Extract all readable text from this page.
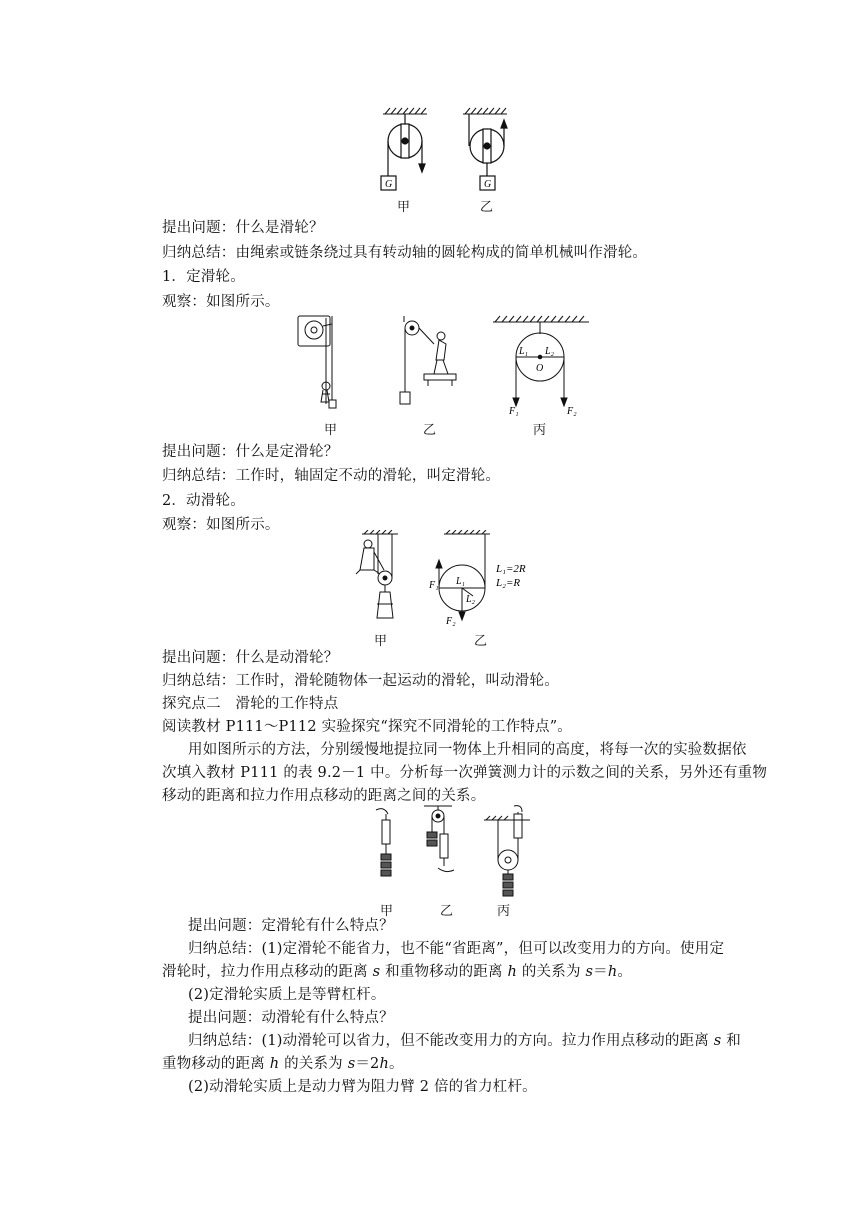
G	G
甲	乙
提出问题：什么是滑轮？
归纳总结：由绳索或链条绕过具有转动轴的圆轮构成的简单机械叫作滑轮。
1．定滑轮。
观察：如图所示。
L₁ L₂
O
F₁	F₂
甲	乙	丙
提出问题：什么是定滑轮？
归纳总结：工作时，轴固定不动的滑轮，叫定滑轮。
2．动滑轮。
观察：如图所示。
F₁ L₁
L₂
F₂
L₁=2R
L₂=R
甲	乙
提出问题：什么是动滑轮？
归纳总结：工作时，滑轮随物体一起运动的滑轮，叫动滑轮。
探究点二　滑轮的工作特点
阅读教材 P111～P112 实验探究“探究不同滑轮的工作特点”。
用如图所示的方法，分别缓慢地提拉同一物体上升相同的高度，将每一次的实验数据依
次填入教材 P111 的表 9.2－1 中。分析每一次弹簧测力计的示数之间的关系，另外还有重物
移动的距离和拉力作用点移动的距离之间的关系。
甲	乙	丙
提出问题：定滑轮有什么特点？
归纳总结：(1)定滑轮不能省力，也不能“省距离”，但可以改变用力的方向。使用定
滑轮时，拉力作用点移动的距离 s 和重物移动的距离 h 的关系为 s＝h。
(2)定滑轮实质上是等臂杠杆。
提出问题：动滑轮有什么特点？
归纳总结：(1)动滑轮可以省力，但不能改变用力的方向。拉力作用点移动的距离 s 和
重物移动的距离 h 的关系为 s＝2h。
(2)动滑轮实质上是动力臂为阻力臂 2 倍的省力杠杆。
